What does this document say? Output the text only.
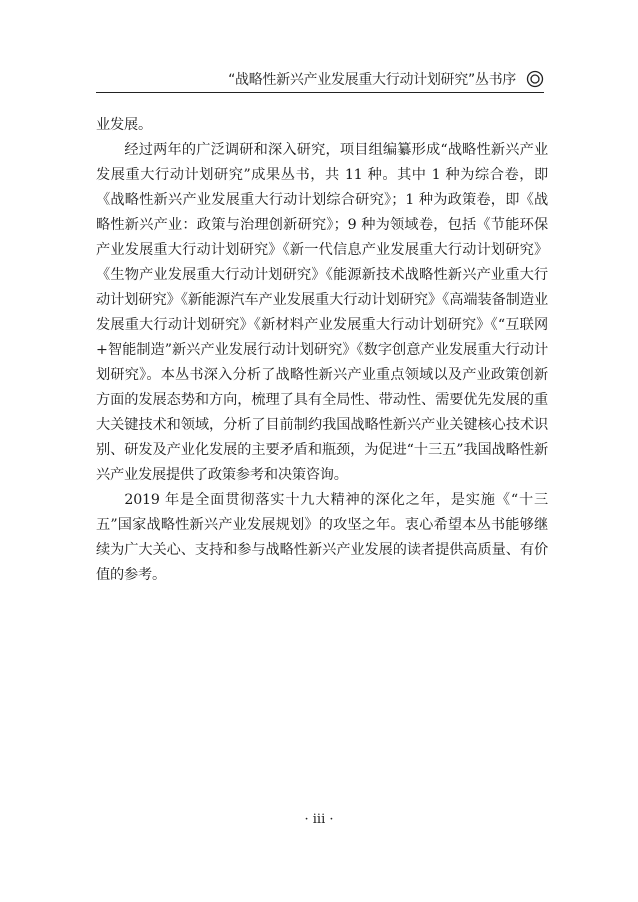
“战略性新兴产业发展重大行动计划研究”丛书序

业发展。

经过两年的广泛调研和深入研究，项目组编纂形成“战略性新兴产业发展重大行动计划研究”成果丛书，共 11 种。其中 1 种为综合卷，即《战略性新兴产业发展重大行动计划综合研究》；1 种为政策卷，即《战略性新兴产业：政策与治理创新研究》；9 种为领域卷，包括《节能环保产业发展重大行动计划研究》《新一代信息产业发展重大行动计划研究》《生物产业发展重大行动计划研究》《能源新技术战略性新兴产业重大行动计划研究》《新能源汽车产业发展重大行动计划研究》《高端装备制造业发展重大行动计划研究》《新材料产业发展重大行动计划研究》《“互联网+智能制造”新兴产业发展行动计划研究》《数字创意产业发展重大行动计划研究》。本丛书深入分析了战略性新兴产业重点领域以及产业政策创新方面的发展态势和方向，梳理了具有全局性、带动性、需要优先发展的重大关键技术和领域，分析了目前制约我国战略性新兴产业关键核心技术识别、研发及产业化发展的主要矛盾和瓶颈，为促进“十三五”我国战略性新兴产业发展提供了政策参考和决策咨询。

2019 年是全面贯彻落实十九大精神的深化之年，是实施《“十三五”国家战略性新兴产业发展规划》的攻坚之年。衷心希望本丛书能够继续为广大关心、支持和参与战略性新兴产业发展的读者提供高质量、有价值的参考。

· iii ·
